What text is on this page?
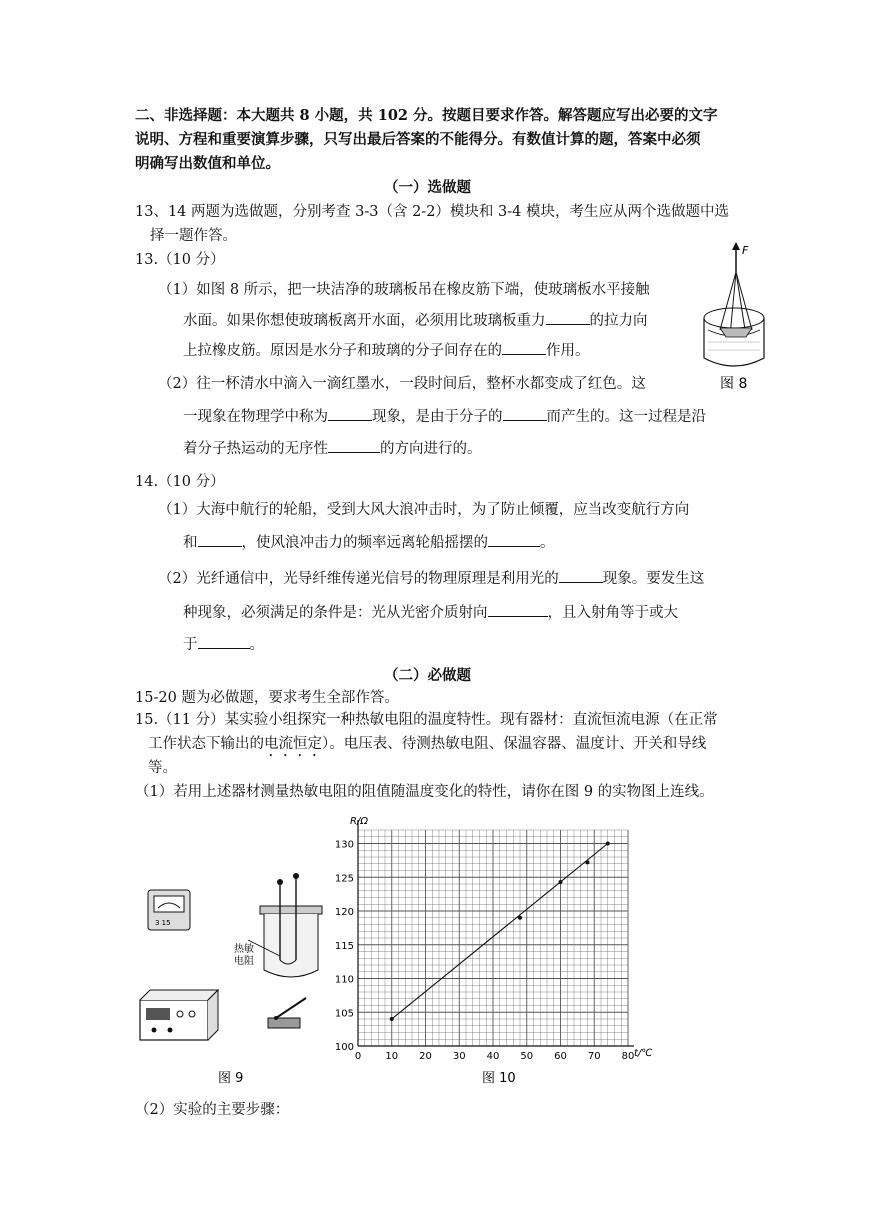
二、非选择题：本大题共 8 小题，共 102 分。按题目要求作答。解答题应写出必要的文字
说明、方程和重要演算步骤，只写出最后答案的不能得分。有数值计算的题，答案中必须
明确写出数值和单位。
（一）选做题
13、14 两题为选做题，分别考查 3-3（含 2-2）模块和 3-4 模块，考生应从两个选做题中选
择一题作答。
13.（10 分）
（1）如图 8 所示，把一块洁净的玻璃板吊在橡皮筋下端，使玻璃板水平接触
水面。如果你想使玻璃板离开水面，必须用比玻璃板重力	的拉力向
上拉橡皮筋。原因是水分子和玻璃的分子间存在的	作用。
（2）往一杯清水中滴入一滴红墨水，一段时间后，整杯水都变成了红色。这
一现象在物理学中称为	现象，是由于分子的	而产生的。这一过程是沿
着分子热运动的无序性	的方向进行的。
F
图 8
14.（10 分）
（1）大海中航行的轮船，受到大风大浪冲击时，为了防止倾覆，应当改变航行方向
和	，使风浪冲击力的频率远离轮船摇摆的	。
（2）光纤通信中，光导纤维传递光信号的物理原理是利用光的	现象。要发生这
种现象，必须满足的条件是：光从光密介质射向	，且入射角等于或大
于	。
（二）必做题
15-20 题为必做题，要求考生全部作答。
15.（11 分）某实验小组探究一种热敏电阻的温度特性。现有器材：直流恒流电源（在正常
工作状态下输出的电流恒定）。电压表、待测热敏电阻、保温容器、温度计、开关和导线
等。
（1）若用上述器材测量热敏电阻的阻值随温度变化的特性，请你在图 9 的实物图上连线。
3 15
热敏
电阻
图 9
0 10 20 30 40 50 60 70 80
100
105
110
115
120
125
130
R/Ω
t/℃
图 10
（2）实验的主要步骤：
